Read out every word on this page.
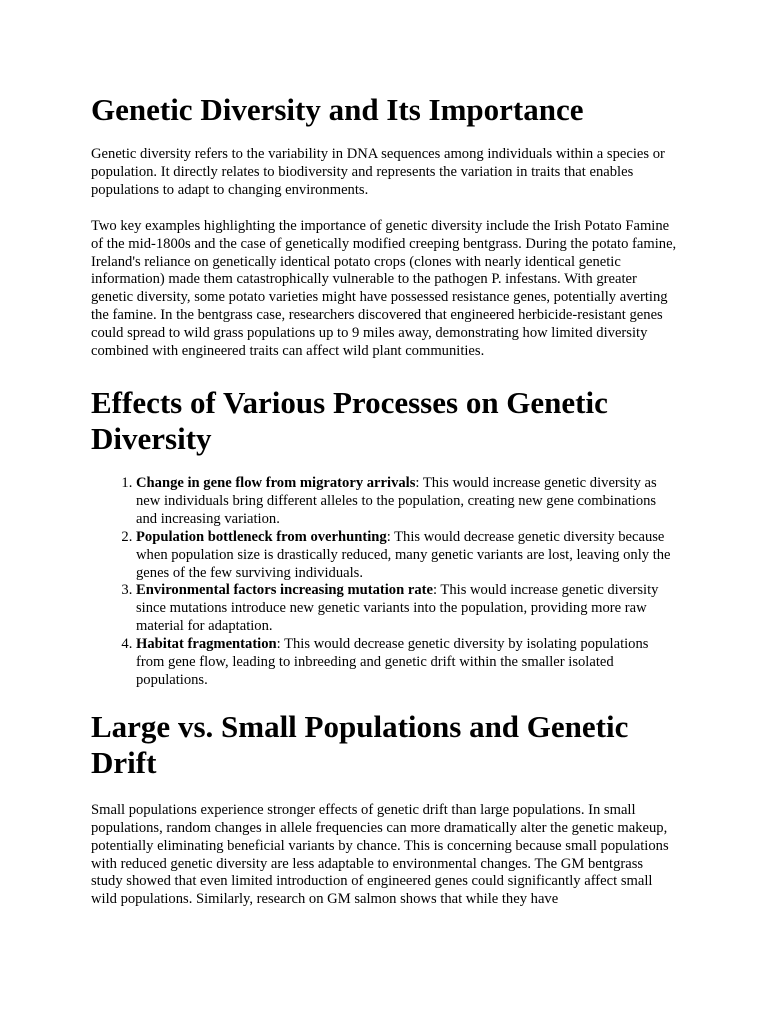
Genetic Diversity and Its Importance

Genetic diversity refers to the variability in DNA sequences among individuals within a species or population. It directly relates to biodiversity and represents the variation in traits that enables populations to adapt to changing environments.

Two key examples highlighting the importance of genetic diversity include the Irish Potato Famine of the mid-1800s and the case of genetically modified creeping bentgrass. During the potato famine, Ireland's reliance on genetically identical potato crops (clones with nearly identical genetic information) made them catastrophically vulnerable to the pathogen P. infestans. With greater genetic diversity, some potato varieties might have possessed resistance genes, potentially averting the famine. In the bentgrass case, researchers discovered that engineered herbicide-resistant genes could spread to wild grass populations up to 9 miles away, demonstrating how limited diversity combined with engineered traits can affect wild plant communities.

Effects of Various Processes on Genetic Diversity
1. Change in gene flow from migratory arrivals: This would increase genetic diversity as new individuals bring different alleles to the population, creating new gene combinations and increasing variation.
2. Population bottleneck from overhunting: This would decrease genetic diversity because when population size is drastically reduced, many genetic variants are lost, leaving only the genes of the few surviving individuals.
3. Environmental factors increasing mutation rate: This would increase genetic diversity since mutations introduce new genetic variants into the population, providing more raw material for adaptation.
4. Habitat fragmentation: This would decrease genetic diversity by isolating populations from gene flow, leading to inbreeding and genetic drift within the smaller isolated populations.
Large vs. Small Populations and Genetic Drift

Small populations experience stronger effects of genetic drift than large populations. In small populations, random changes in allele frequencies can more dramatically alter the genetic makeup, potentially eliminating beneficial variants by chance. This is concerning because small populations with reduced genetic diversity are less adaptable to environmental changes. The GM bentgrass study showed that even limited introduction of engineered genes could significantly affect small wild populations. Similarly, research on GM salmon shows that while they have
